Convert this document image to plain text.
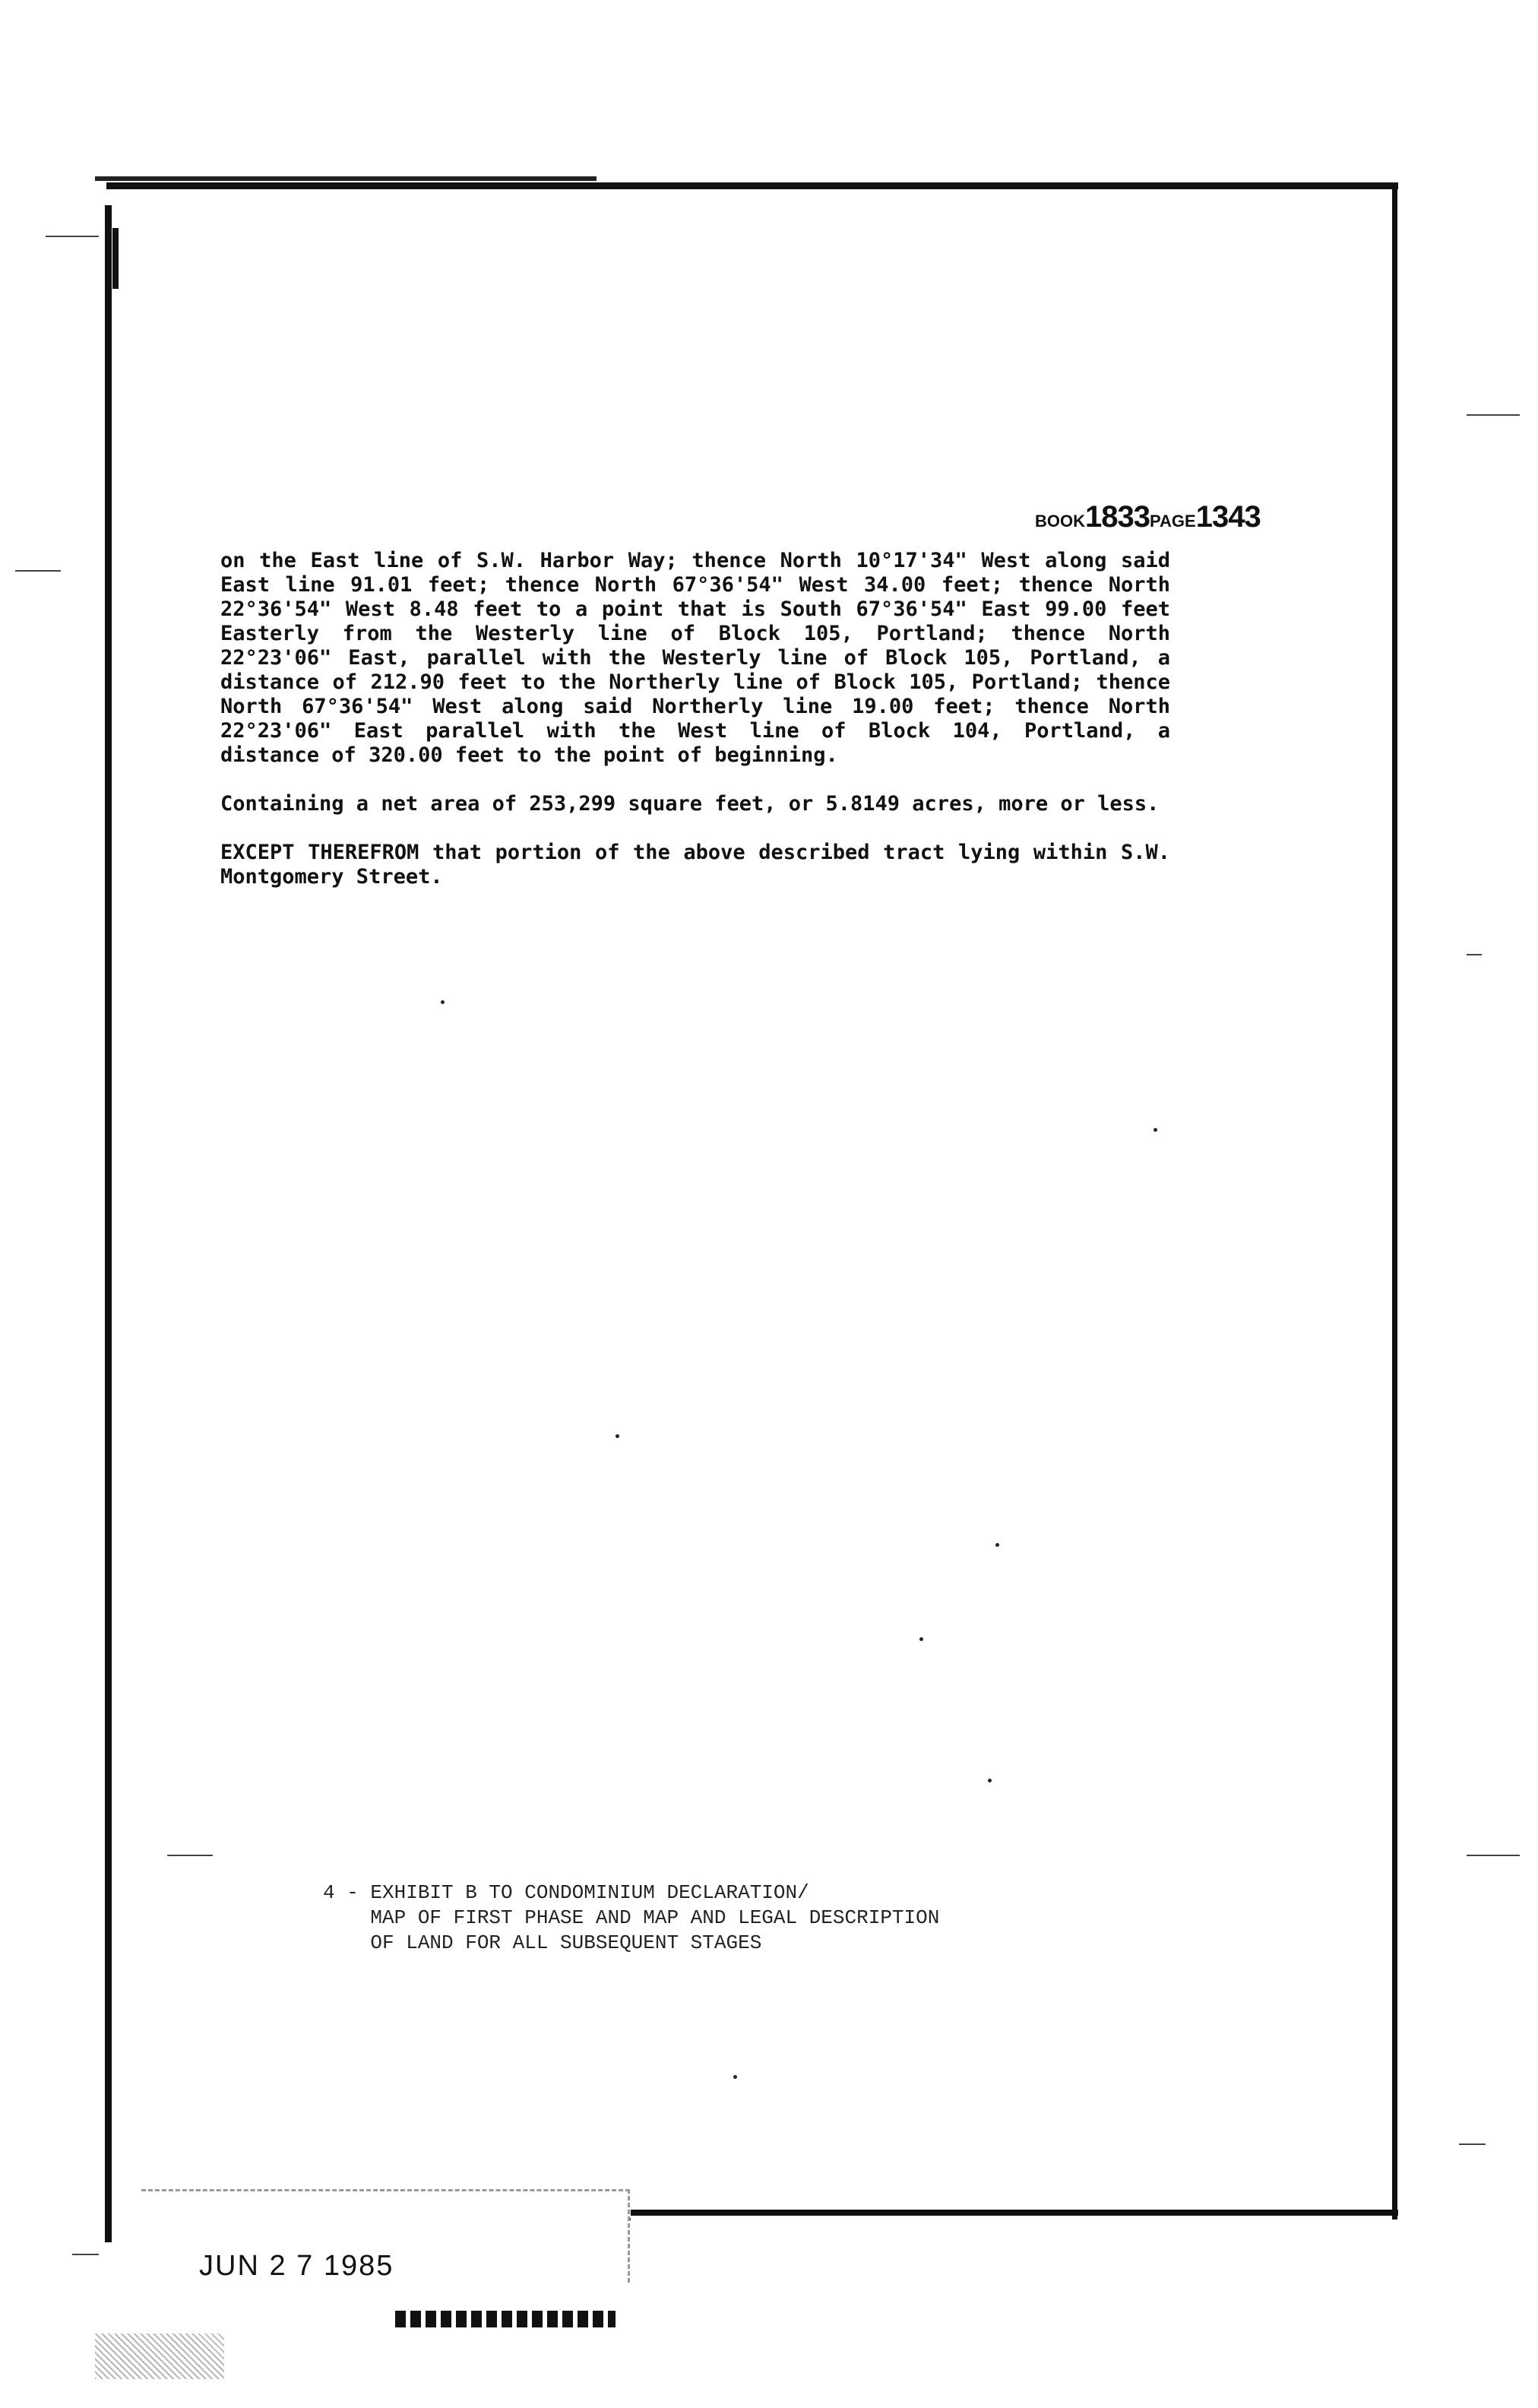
BOOK1833PAGE1343

on the East line of S.W. Harbor Way; thence North 10°17'34" West along said East line 91.01 feet; thence North 67°36'54" West 34.00 feet; thence North 22°36'54" West 8.48 feet to a point that is South 67°36'54" East 99.00 feet Easterly from the Westerly line of Block 105, Portland; thence North 22°23'06" East, parallel with the Westerly line of Block 105, Portland, a distance of 212.90 feet to the Northerly line of Block 105, Portland; thence North 67°36'54" West along said Northerly line 19.00 feet; thence North 22°23'06" East parallel with the West line of Block 104, Portland, a distance of 320.00 feet to the point of beginning.

Containing a net area of 253,299 square feet, or 5.8149 acres, more or less.

EXCEPT THEREFROM that portion of the above described tract lying within S.W. Montgomery Street.

4 - EXHIBIT B TO CONDOMINIUM DECLARATION/
MAP OF FIRST PHASE AND MAP AND LEGAL DESCRIPTION
OF LAND FOR ALL SUBSEQUENT STAGES
JUN 2 7 1985
